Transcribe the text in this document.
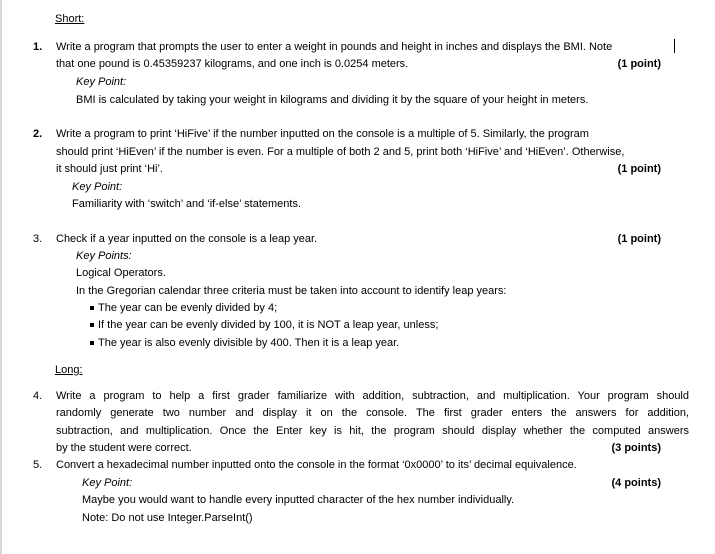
Short:
1. Write a program that prompts the user to enter a weight in pounds and height in inches and displays the BMI. Note
that one pound is 0.45359237 kilograms, and one inch is 0.0254 meters.	(1 point)
Key Point:
BMI is calculated by taking your weight in kilograms and dividing it by the square of your height in meters.
2. Write a program to print ‘HiFive’ if the number inputted on the console is a multiple of 5. Similarly, the program
should print ‘HiEven’ if the number is even. For a multiple of both 2 and 5, print both ‘HiFive’ and ‘HiEven’. Otherwise,
it should just print ‘Hi’.	(1 point)
Key Point:
Familiarity with ‘switch’ and ‘if-else’ statements.
3. Check if a year inputted on the console is a leap year.	(1 point)
Key Points:
Logical Operators.
In the Gregorian calendar three criteria must be taken into account to identify leap years:
The year can be evenly divided by 4;
If the year can be evenly divided by 100, it is NOT a leap year, unless;
The year is also evenly divisible by 400. Then it is a leap year.
Long:
4. Write a program to help a first grader familiarize with addition, subtraction, and multiplication. Your program should
randomly generate two number and display it on the console. The first grader enters the answers for addition,
subtraction, and multiplication. Once the Enter key is hit, the program should display whether the computed answers
by the student were correct.	(3 points)
5. Convert a hexadecimal number inputted onto the console in the format ‘0x0000’ to its’ decimal equivalence.
Key Point:	(4 points)
Maybe you would want to handle every inputted character of the hex number individually.
Note: Do not use Integer.ParseInt()
